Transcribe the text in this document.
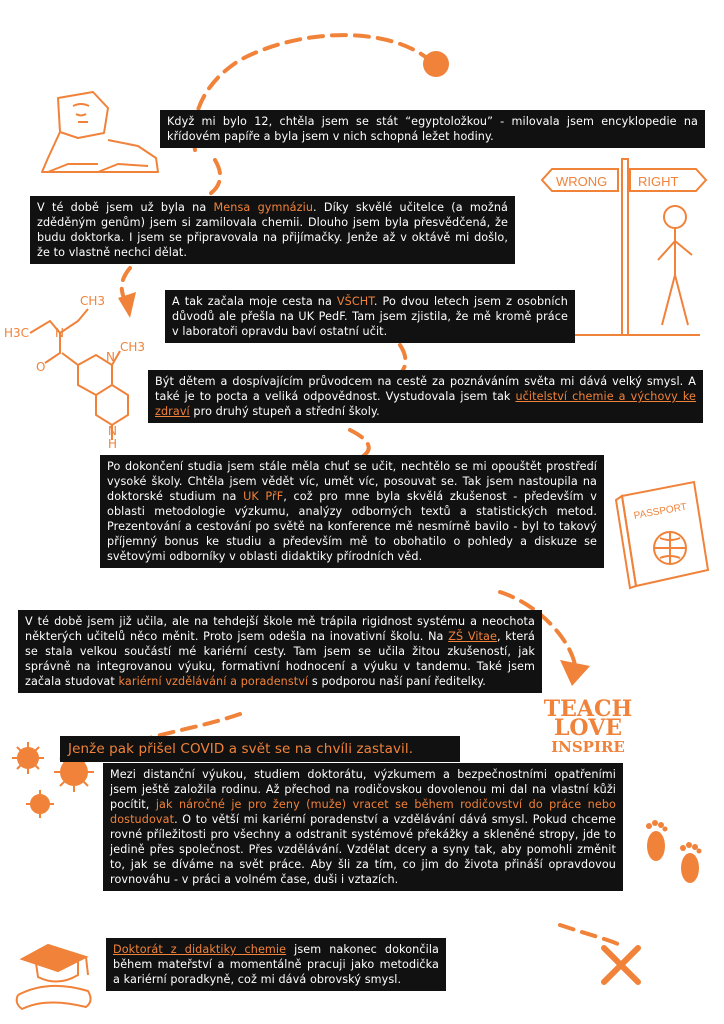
WRONG RIGHT
CH3
H3C N
O
N
CH3
N
H
PASSPORT
TEACH
LOVE
INSPIRE

Když mi bylo 12, chtěla jsem se stát “egyptoložkou” - milovala jsem encyklopedie na křídovém papíře a byla jsem v nich schopná ležet hodiny.

V té době jsem už byla na Mensa gymnáziu. Díky skvělé učitelce (a možná zděděným genům) jsem si zamilovala chemii. Dlouho jsem byla přesvědčená, že budu doktorka. I jsem se připravovala na přijímačky. Jenže až v oktávě mi došlo, že to vlastně nechci dělat.

A tak začala moje cesta na VŠCHT. Po dvou letech jsem z osobních důvodů ale přešla na UK PedF. Tam jsem zjistila, že mě kromě práce v laboratoři opravdu baví ostatní učit.

Být dětem a dospívajícím průvodcem na cestě za poznáváním světa mi dává velký smysl. A také je to pocta a veliká odpovědnost. Vystudovala jsem tak učitelství chemie a výchovy ke zdraví pro druhý stupeň a střední školy.

Po dokončení studia jsem stále měla chuť se učit, nechtělo se mi opouštět prostředí vysoké školy. Chtěla jsem vědět víc, umět víc, posouvat se. Tak jsem nastoupila na doktorské studium na UK PřF, což pro mne byla skvělá zkušenost - především v oblasti metodologie výzkumu, analýzy odborných textů a statistických metod. Prezentování a cestování po světě na konference mě nesmírně bavilo - byl to takový příjemný bonus ke studiu a především mě to obohatilo o pohledy a diskuze se světovými odborníky v oblasti didaktiky přírodních věd.

V té době jsem již učila, ale na tehdejší škole mě trápila rigidnost systému a neochota některých učitelů něco měnit. Proto jsem odešla na inovativní školu. Na ZŠ Vitae, která se stala velkou součástí mé kariérní cesty. Tam jsem se učila žitou zkušeností, jak správně na integrovanou výuku, formativní hodnocení a výuku v tandemu. Také jsem začala studovat kariérní vzdělávání a poradenství s podporou naší paní ředitelky.

Jenže pak přišel COVID a svět se na chvíli zastavil.

Mezi distanční výukou, studiem doktorátu, výzkumem a bezpečnostními opatřeními jsem ještě založila rodinu. Až přechod na rodičovskou dovolenou mi dal na vlastní kůži pocítit, jak náročné je pro ženy (muže) vracet se během rodičovství do práce nebo dostudovat. O to větší mi kariérní poradenství a vzdělávání dává smysl. Pokud chceme rovné příležitosti pro všechny a odstranit systémové překážky a skleněné stropy, jde to jedině přes společnost. Přes vzdělávání. Vzdělat dcery a syny tak, aby pomohli změnit to, jak se díváme na svět práce. Aby šli za tím, co jim do života přináší opravdovou rovnováhu - v práci a volném čase, duši i vztazích.

Doktorát z didaktiky chemie jsem nakonec dokončila během mateřství a momentálně pracuji jako metodička a kariérní poradkyně, což mi dává obrovský smysl.
